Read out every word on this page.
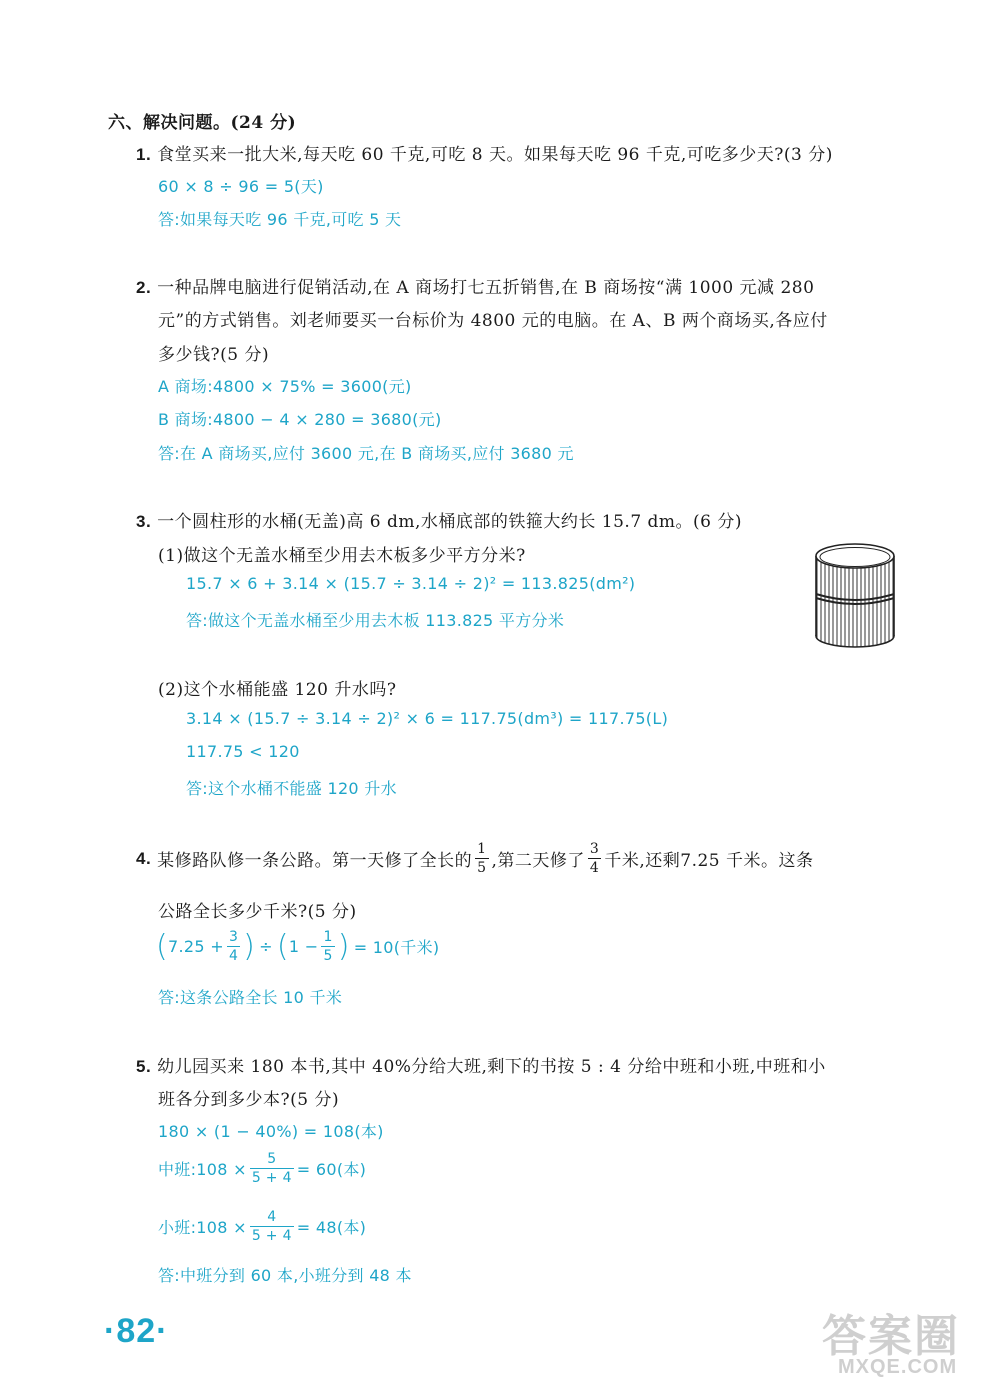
六、解决问题。(24 分)
1. 食堂买来一批大米,每天吃 60 千克,可吃 8 天。如果每天吃 96 千克,可吃多少天?(3 分)
60 × 8 ÷ 96 = 5(天)
答:如果每天吃 96 千克,可吃 5 天
2. 一种品牌电脑进行促销活动,在 A 商场打七五折销售,在 B 商场按“满 1000 元减 280
元”的方式销售。刘老师要买一台标价为 4800 元的电脑。在 A、B 两个商场买,各应付
多少钱?(5 分)
A 商场:4800 × 75% = 3600(元)
B 商场:4800 − 4 × 280 = 3680(元)
答:在 A 商场买,应付 3600 元,在 B 商场买,应付 3680 元
3. 一个圆柱形的水桶(无盖)高 6 dm,水桶底部的铁箍大约长 15.7 dm。(6 分)
(1)做这个无盖水桶至少用去木板多少平方分米?
15.7 × 6 + 3.14 × (15.7 ÷ 3.14 ÷ 2)² = 113.825(dm²)
答:做这个无盖水桶至少用去木板 113.825 平方分米
(2)这个水桶能盛 120 升水吗?
3.14 × (15.7 ÷ 3.14 ÷ 2)² × 6 = 117.75(dm³) = 117.75(L)
117.75 < 120
答:这个水桶不能盛 120 升水
4.
某修路队修一条公路。第一天修了全长的 $\frac{1}{5}$ ,第二天修了 $\frac{3}{4}$ 千米,还剩7.25 千米。这条
公路全长多少千米?(5 分)
( $7.25 + \frac{3}{4}$ ) ÷ ( $1 - \frac{1}{5}$ ) = 10(千米)
答:这条公路全长 10 千米
5. 幼儿园买来 180 本书,其中 40%分给大班,剩下的书按 5 : 4 分给中班和小班,中班和小
班各分到多少本?(5 分)
180 × (1 − 40%) = 108(本)
中班:108 × $\frac{5}{5 + 4} = 60$(本)
小班:108 × $\frac{4}{5 + 4} = 48$(本)
答:中班分到 60 本,小班分到 48 本
·82·	答案圈
MXQE.COM
